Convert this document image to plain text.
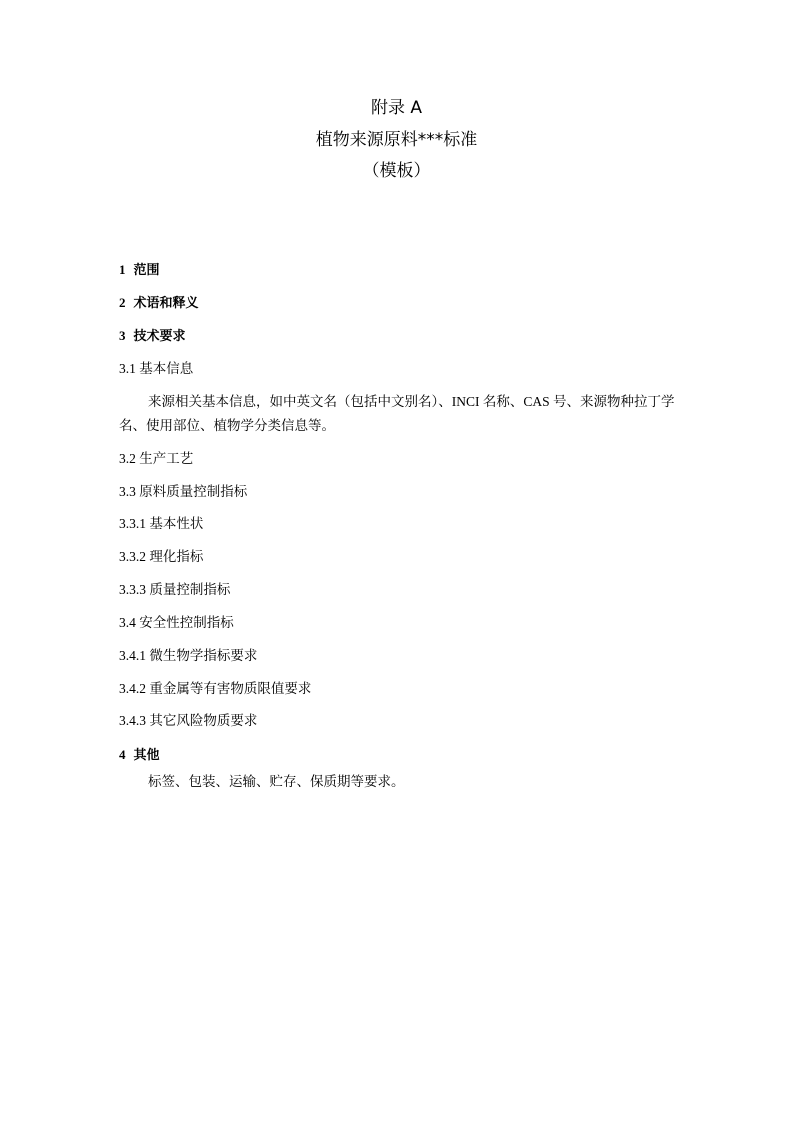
附录 A
植物来源原料***标准
（模板）
1 范围
2 术语和释义
3 技术要求
3.1 基本信息
来源相关基本信息，如中英文名（包括中文别名）、INCI 名称、CAS 号、来源物种拉丁学名、使用部位、植物学分类信息等。
3.2 生产工艺
3.3 原料质量控制指标
3.3.1 基本性状
3.3.2 理化指标
3.3.3 质量控制指标
3.4 安全性控制指标
3.4.1 微生物学指标要求
3.4.2 重金属等有害物质限值要求
3.4.3 其它风险物质要求
4 其他
标签、包装、运输、贮存、保质期等要求。
